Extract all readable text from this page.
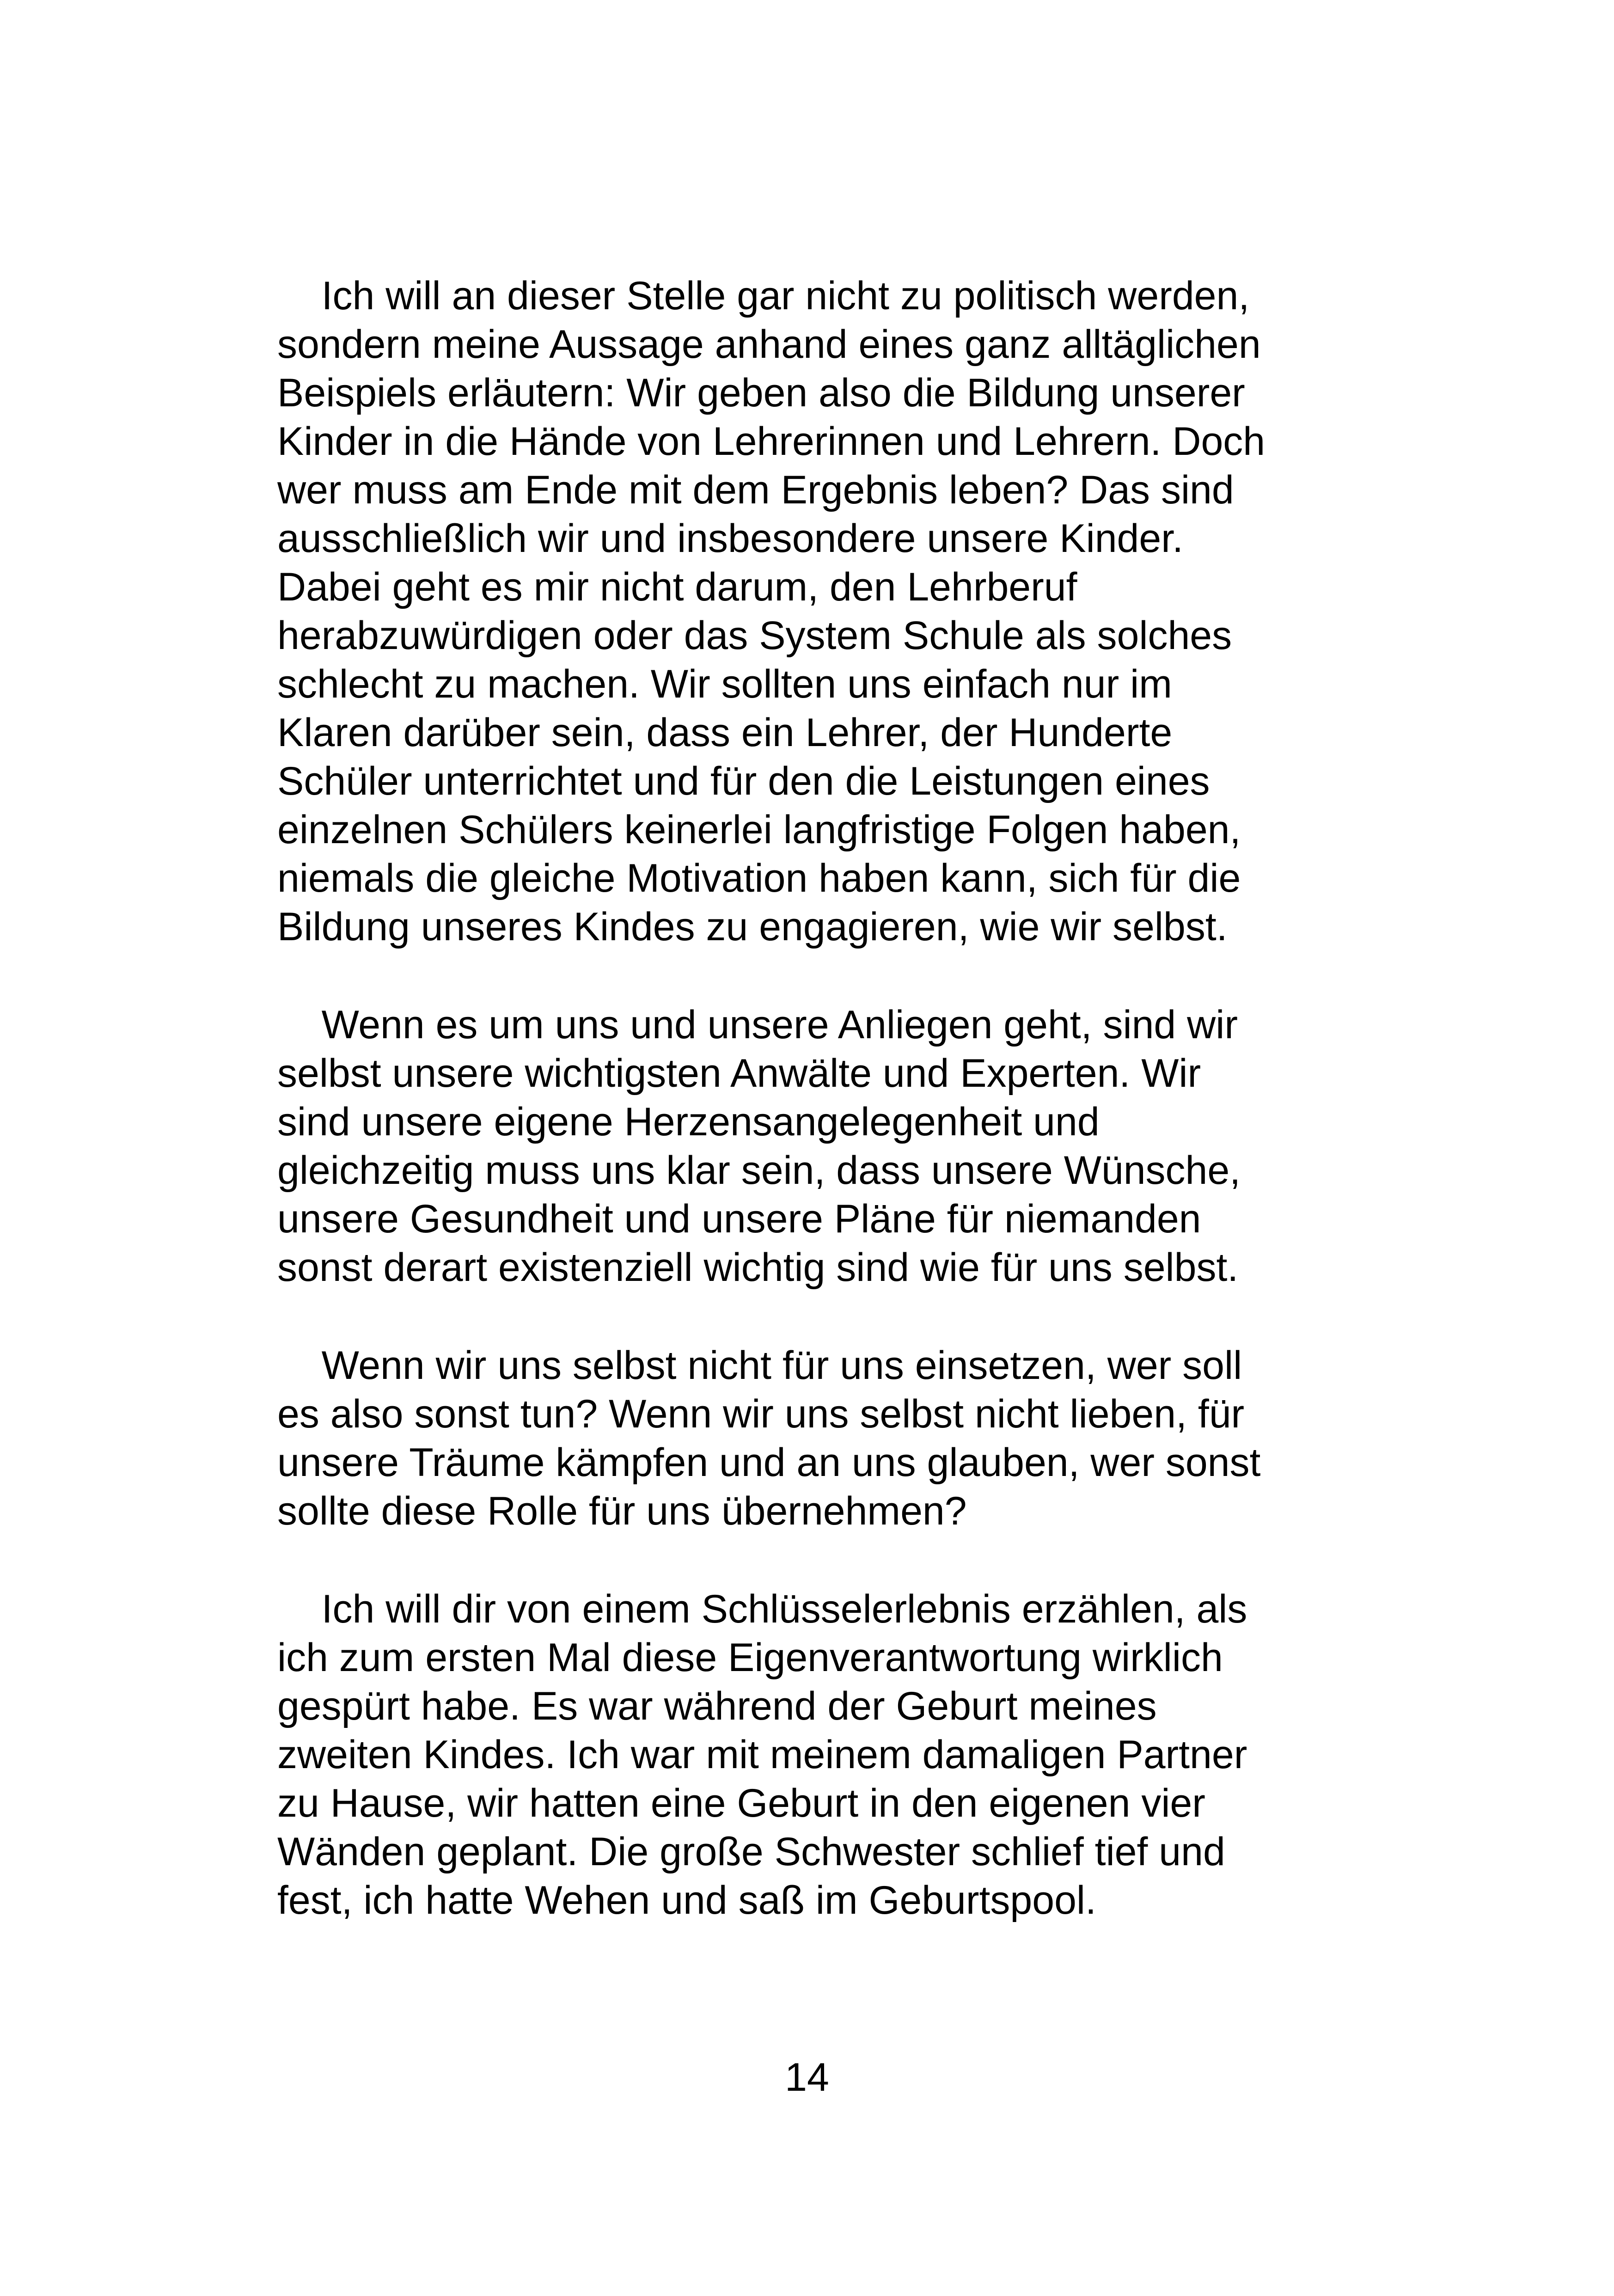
Ich will an dieser Stelle gar nicht zu politisch werden,
sondern meine Aussage anhand eines ganz alltäglichen
Beispiels erläutern: Wir geben also die Bildung unserer
Kinder in die Hände von Lehrerinnen und Lehrern. Doch
wer muss am Ende mit dem Ergebnis leben? Das sind
ausschließlich wir und insbesondere unsere Kinder.
Dabei geht es mir nicht darum, den Lehrberuf
herabzuwürdigen oder das System Schule als solches
schlecht zu machen. Wir sollten uns einfach nur im
Klaren darüber sein, dass ein Lehrer, der Hunderte
Schüler unterrichtet und für den die Leistungen eines
einzelnen Schülers keinerlei langfristige Folgen haben,
niemals die gleiche Motivation haben kann, sich für die
Bildung unseres Kindes zu engagieren, wie wir selbst.
Wenn es um uns und unsere Anliegen geht, sind wir
selbst unsere wichtigsten Anwälte und Experten. Wir
sind unsere eigene Herzensangelegenheit und
gleichzeitig muss uns klar sein, dass unsere Wünsche,
unsere Gesundheit und unsere Pläne für niemanden
sonst derart existenziell wichtig sind wie für uns selbst.
Wenn wir uns selbst nicht für uns einsetzen, wer soll
es also sonst tun? Wenn wir uns selbst nicht lieben, für
unsere Träume kämpfen und an uns glauben, wer sonst
sollte diese Rolle für uns übernehmen?
Ich will dir von einem Schlüsselerlebnis erzählen, als
ich zum ersten Mal diese Eigenverantwortung wirklich
gespürt habe. Es war während der Geburt meines
zweiten Kindes. Ich war mit meinem damaligen Partner
zu Hause, wir hatten eine Geburt in den eigenen vier
Wänden geplant. Die große Schwester schlief tief und
fest, ich hatte Wehen und saß im Geburtspool.
14
